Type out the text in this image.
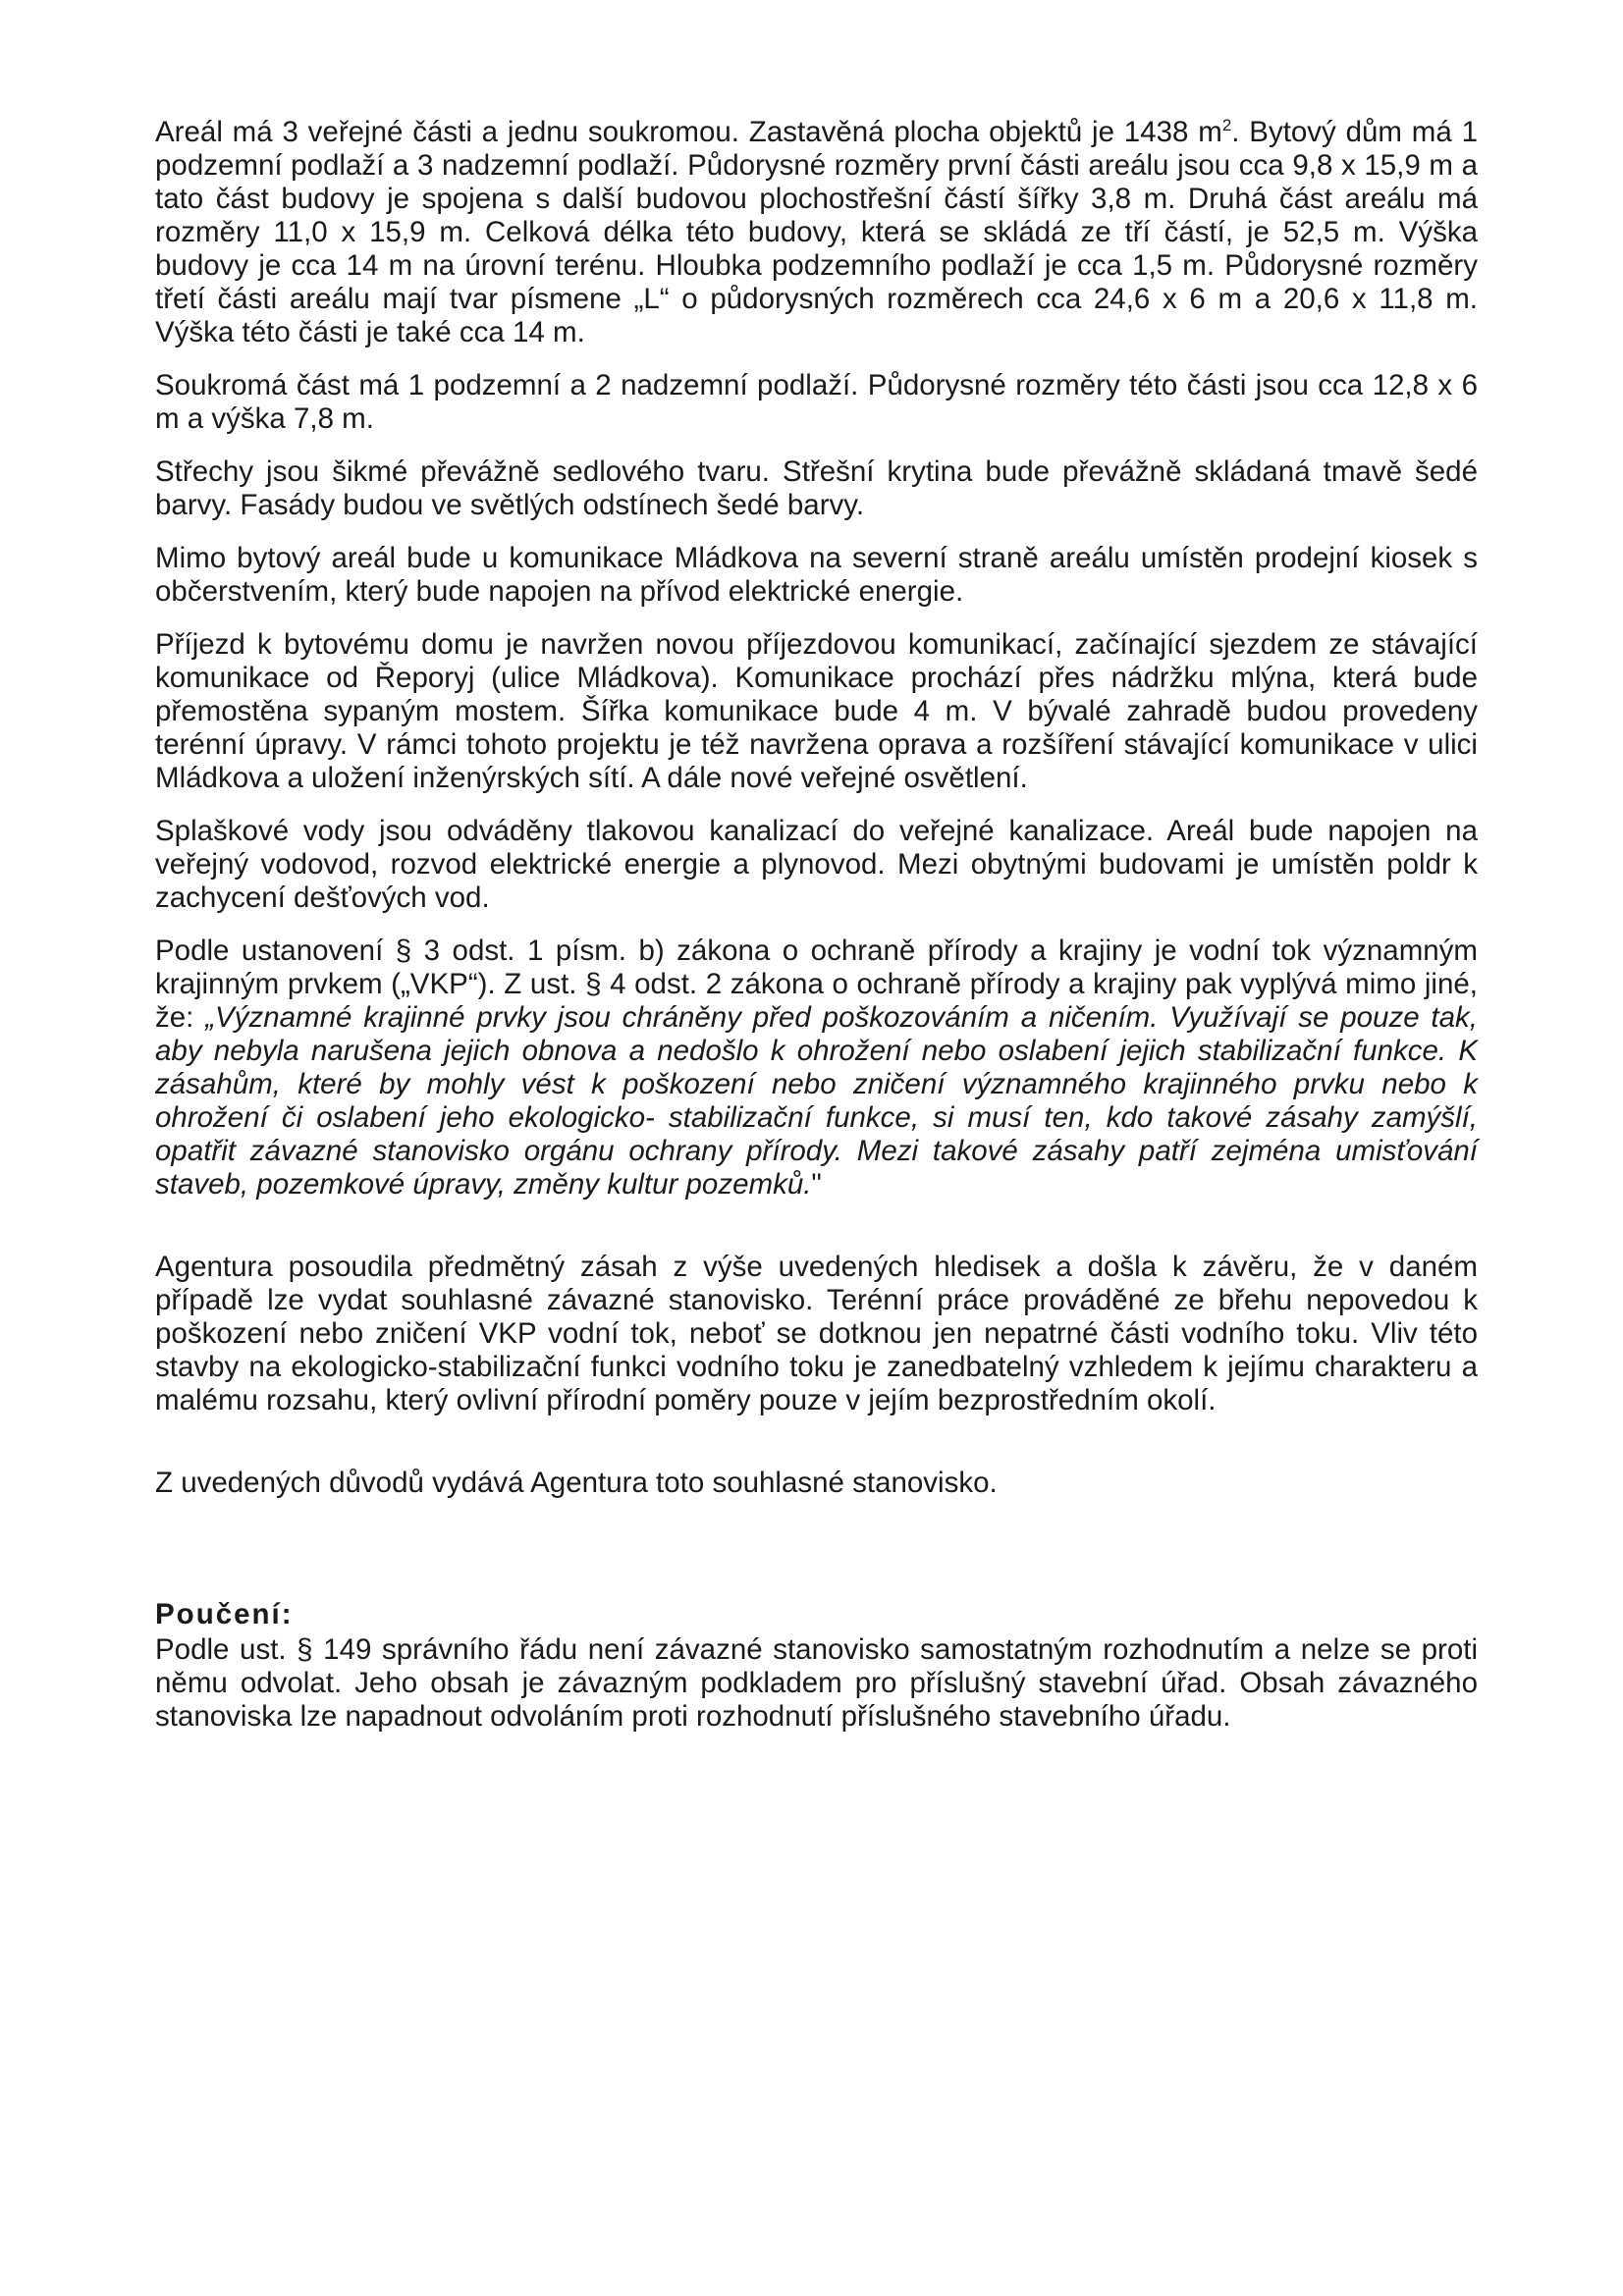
Areál má 3 veřejné části a jednu soukromou. Zastavěná plocha objektů je 1438 $m^2$. Bytový dům má 1 podzemní podlaží a 3 nadzemní podlaží. Půdorysné rozměry první části areálu jsou cca 9,8 x 15,9 m a tato část budovy je spojena s další budovou plochostřešní částí šířky 3,8 m. Druhá část areálu má rozměry 11,0 x 15,9 m. Celková délka této budovy, která se skládá ze tří částí, je 52,5 m. Výška budovy je cca 14 m na úrovní terénu. Hloubka podzemního podlaží je cca 1,5 m. Půdorysné rozměry třetí části areálu mají tvar písmene „L“ o půdorysných rozměrech cca 24,6 x 6 m a 20,6 x 11,8 m. Výška této části je také cca 14 m.

Soukromá část má 1 podzemní a 2 nadzemní podlaží. Půdorysné rozměry této části jsou cca 12,8 x 6 m a výška 7,8 m.

Střechy jsou šikmé převážně sedlového tvaru. Střešní krytina bude převážně skládaná tmavě šedé barvy. Fasády budou ve světlých odstínech šedé barvy.

Mimo bytový areál bude u komunikace Mládkova na severní straně areálu umístěn prodejní kiosek s občerstvením, který bude napojen na přívod elektrické energie.

Příjezd k bytovému domu je navržen novou příjezdovou komunikací, začínající sjezdem ze stávající komunikace od Řeporyj (ulice Mládkova). Komunikace prochází přes nádržku mlýna, která bude přemostěna sypaným mostem. Šířka komunikace bude 4 m. V bývalé zahradě budou provedeny terénní úpravy. V rámci tohoto projektu je též navržena oprava a rozšíření stávající komunikace v ulici Mládkova a uložení inženýrských sítí. A dále nové veřejné osvětlení.

Splaškové vody jsou odváděny tlakovou kanalizací do veřejné kanalizace. Areál bude napojen na veřejný vodovod, rozvod elektrické energie a plynovod. Mezi obytnými budovami je umístěn poldr k zachycení dešťových vod.

Podle ustanovení § 3 odst. 1 písm. b) zákona o ochraně přírody a krajiny je vodní tok významným krajinným prvkem („VKP“). Z ust. § 4 odst. 2 zákona o ochraně přírody a krajiny pak vyplývá mimo jiné, že: „Významné krajinné prvky jsou chráněny před poškozováním a ničením. Využívají se pouze tak, aby nebyla narušena jejich obnova a nedošlo k ohrožení nebo oslabení jejich stabilizační funkce. K zásahům, které by mohly vést k poškození nebo zničení významného krajinného prvku nebo k ohrožení či oslabení jeho ekologicko- stabilizační funkce, si musí ten, kdo takové zásahy zamýšlí, opatřit závazné stanovisko orgánu ochrany přírody. Mezi takové zásahy patří zejména umisťování staveb, pozemkové úpravy, změny kultur pozemků."

Agentura posoudila předmětný zásah z výše uvedených hledisek a došla k závěru, že v daném případě lze vydat souhlasné závazné stanovisko. Terénní práce prováděné ze břehu nepovedou k poškození nebo zničení VKP vodní tok, neboť se dotknou jen nepatrné části vodního toku. Vliv této stavby na ekologicko-stabilizační funkci vodního toku je zanedbatelný vzhledem k jejímu charakteru a malému rozsahu, který ovlivní přírodní poměry pouze v jejím bezprostředním okolí.

Z uvedených důvodů vydává Agentura toto souhlasné stanovisko.

Poučení:

Podle ust. § 149 správního řádu není závazné stanovisko samostatným rozhodnutím a nelze se proti němu odvolat. Jeho obsah je závazným podkladem pro příslušný stavební úřad. Obsah závazného stanoviska lze napadnout odvoláním proti rozhodnutí příslušného stavebního úřadu.
